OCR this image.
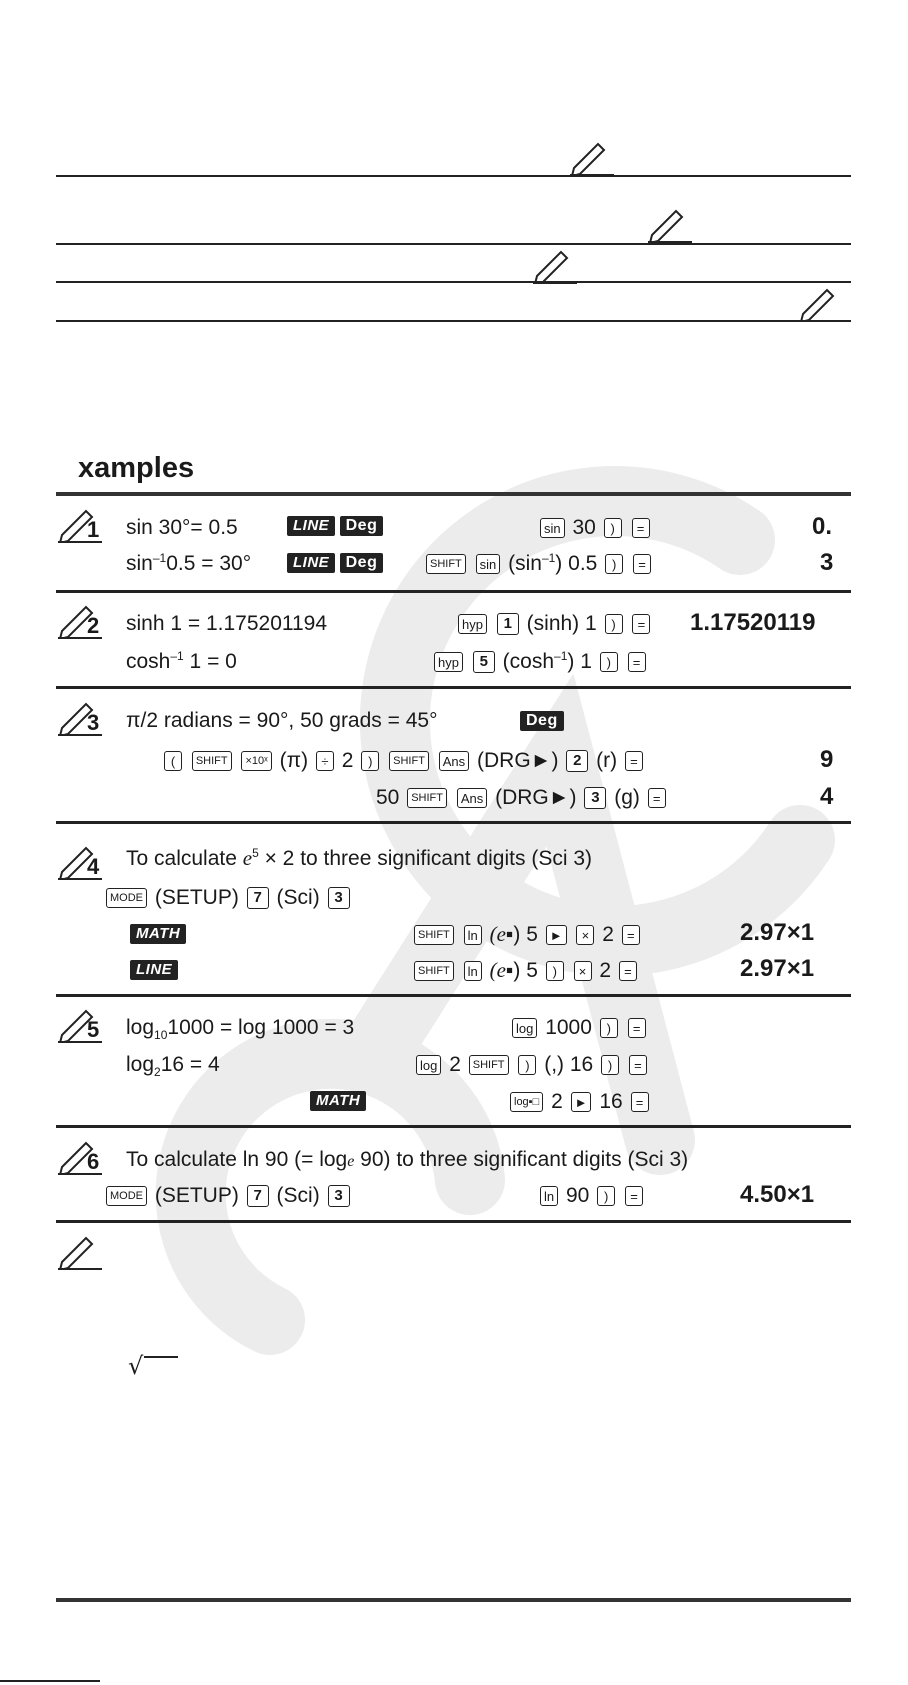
xamples
1 sin 30°= 0.5	LINE Deg	sin 30 ) =	0.
$\sin^{-1}0.5 = 30^\circ$	LINE Deg	SHIFT $\sin (\sin^{-1})$ 0.5 ) =	3
2 sinh 1 = 1.175201194	hyp 1 (sinh) 1 ) =	1.17520119
$\cosh^{-1} 1 = 0$	hyp 5 $(\cosh^{-1})$ 1 ) =
3 π/2 radians = 90°, 50 grads = 45°	Deg
( SHIFT ×10ˣ (π) ÷ 2 ) SHIFT Ans (DRG►) 2 (r) =	9
50 SHIFT Ans (DRG►) 3 (g) =	4
4 To calculate $e^5 \times 2$ to three significant digits (Sci 3)
MODE (SETUP) 7 (Sci) 3
MATH	SHIFT ln (e▪) 5 ► × 2 =	2.97×1
LINE	SHIFT ln (e▪) 5 ) × 2 =	2.97×1
5 $\log_{10}1000 = \log 1000 = 3$	log 1000 ) =
$\log_216 = 4$	log 2 SHIFT ) (,) 16 ) =
MATH	log▪□ 2 ► 16 =
6 To calculate ln 90 (= loge 90) to three significant digits (Sci 3)
MODE (SETUP) 7 (Sci) 3	ln 90 ) =	4.50×1
√
